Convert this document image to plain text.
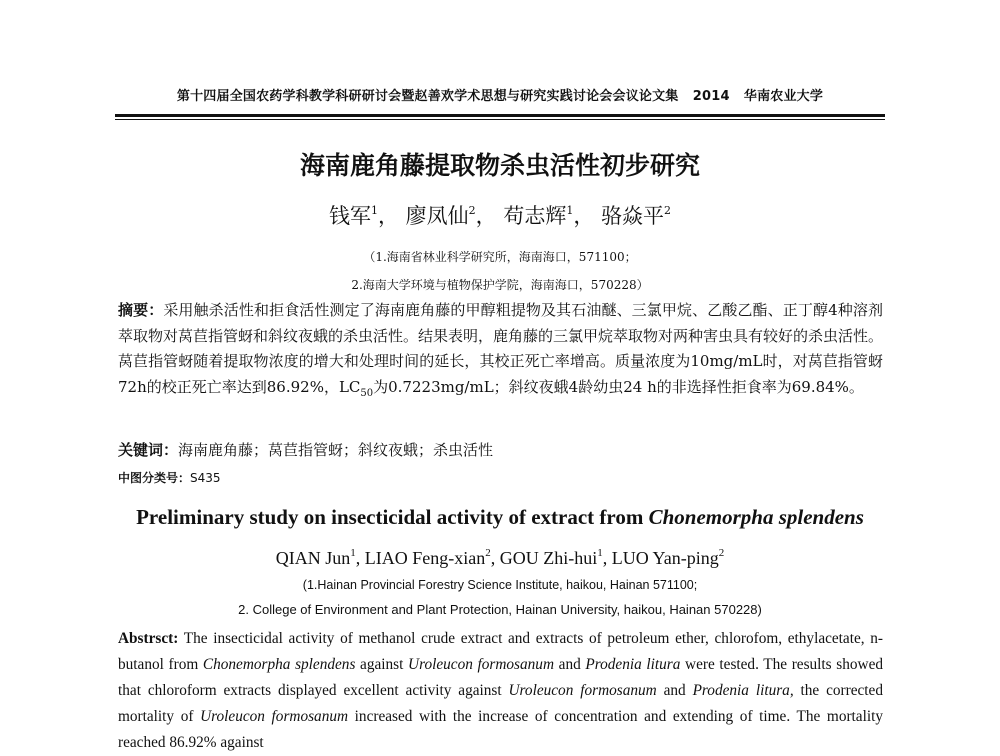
第十四届全国农药学科教学科研研讨会暨赵善欢学术思想与研究实践讨论会会议论文集 2014 华南农业大学
海南鹿角藤提取物杀虫活性初步研究
钱军$^1$， 廖凤仙$^2$， 苟志辉$^1$， 骆焱平$^2$
（1.海南省林业科学研究所，海南海口，571100；
2.海南大学环境与植物保护学院，海南海口，570228）
摘要：采用触杀活性和拒食活性测定了海南鹿角藤的甲醇粗提物及其石油醚、三氯甲烷、乙酸乙酯、正丁醇4种溶剂萃取物对莴苣指管蚜和斜纹夜蛾的杀虫活性。结果表明，鹿角藤的三氯甲烷萃取物对两种害虫具有较好的杀虫活性。莴苣指管蚜随着提取物浓度的增大和处理时间的延长，其校正死亡率增高。质量浓度为10mg/mL时，对莴苣指管蚜72h的校正死亡率达到86.92%，$LC_{50}$为0.7223mg/mL；斜纹夜蛾4龄幼虫24 h的非选择性拒食率为69.84%。
关键词：海南鹿角藤；莴苣指管蚜；斜纹夜蛾；杀虫活性
中图分类号：S435
Preliminary study on insecticidal activity of extract from Chonemorpha splendens
QIAN Jun$^1$, LIAO Feng-xian$^2$, GOU Zhi-hui$^1$, LUO Yan-ping$^2$
(1.Hainan Provincial Forestry Science Institute, haikou, Hainan 571100;
2. College of Environment and Plant Protection, Hainan University, haikou, Hainan 570228)
Abstrsct: The insecticidal activity of methanol crude extract and extracts of petroleum ether, chlorofom, ethylacetate, n-butanol from Chonemorpha splendens against Uroleucon formosanum and Prodenia litura were tested. The results showed that chloroform extracts displayed excellent activity against Uroleucon formosanum and Prodenia litura, the corrected mortality of Uroleucon formosanum increased with the increase of concentration and extending of time. The mortality reached 86.92% against
